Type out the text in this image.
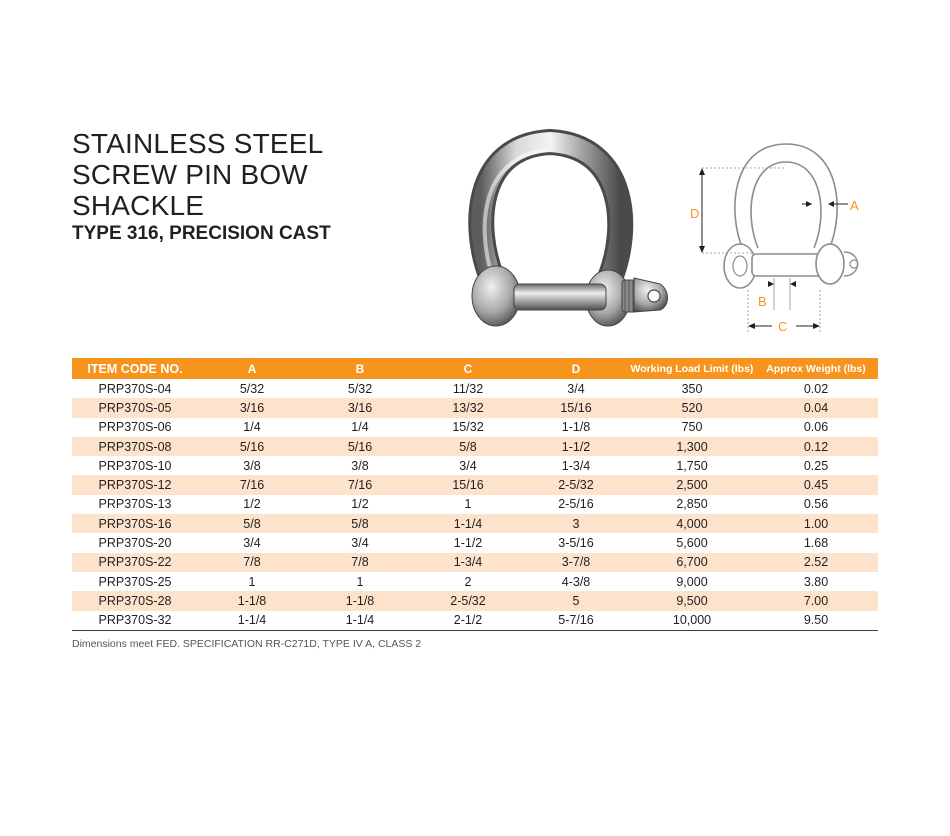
STAINLESS STEEL
SCREW PIN BOW
SHACKLE
TYPE 316, PRECISION CAST
D
A
B
C
ITEM CODE NO.	A	B	C	D	Working Load Limit (lbs)	Approx Weight (lbs)
PRP370S-04	5/32	5/32	11/32	3/4	350	0.02
PRP370S-05	3/16	3/16	13/32	15/16	520	0.04
PRP370S-06	1/4	1/4	15/32	1-1/8	750	0.06
PRP370S-08	5/16	5/16	5/8	1-1/2	1,300	0.12
PRP370S-10	3/8	3/8	3/4	1-3/4	1,750	0.25
PRP370S-12	7/16	7/16	15/16	2-5/32	2,500	0.45
PRP370S-13	1/2	1/2	1	2-5/16	2,850	0.56
PRP370S-16	5/8	5/8	1-1/4	3	4,000	1.00
PRP370S-20	3/4	3/4	1-1/2	3-5/16	5,600	1.68
PRP370S-22	7/8	7/8	1-3/4	3-7/8	6,700	2.52
PRP370S-25	1	1	2	4-3/8	9,000	3.80
PRP370S-28	1-1/8	1-1/8	2-5/32	5	9,500	7.00
PRP370S-32	1-1/4	1-1/4	2-1/2	5-7/16	10,000	9.50
Dimensions meet FED. SPECIFICATION RR-C271D, TYPE IV A, CLASS 2
